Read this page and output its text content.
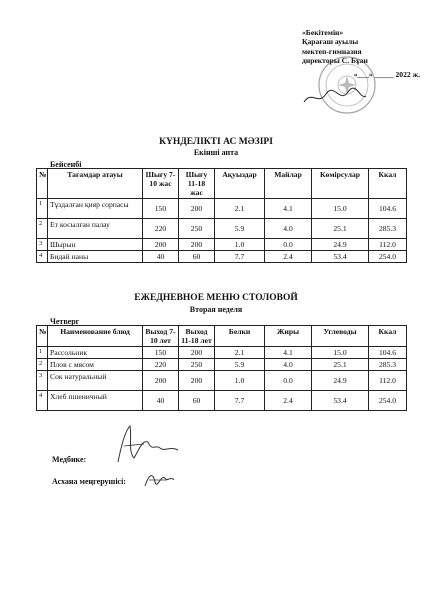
«Бекітемін»
Қарағаш ауылы
мектеп-гимназия
директоры С. Бұан
«___» _____ 2022 ж.
КҮНДЕЛІКТІ АС МӘЗІРІ
Екінші апта
Бейсенбі
№	Тағамдар атауы	Шығу 7-10 жас	Шығу 11-18 жас	Ақуыздар	Майлар	Көмірсулар	Ккал
1	Тұздалған қияр сорпасы	150	200	2.1	4.1	15.0	104.6
2	Ет косылған палау	220	250	5.9	4.0	25.1	285.3
3	Шырын	200	200	1.0	0.0	24.9	112.0
4	Бидай наны	40	60	7.7	2.4	53.4	254.0
ЕЖЕДНЕВНОЕ МЕНЮ СТОЛОВОЙ
Вторая неделя
Четверг
№	Наименование блюд	Выход 7-10 лет	Выход 11-18 лет	Белки	Жиры	Углеводы	Ккал
1	Рассольник	150	200	2.1	4.1	15.0	104.6
2	Плов с мясом	220	250	5.9	4.0	25.1	285.3
3	Сок натуральный	200	200	1.0	0.0	24.9	112.0
4	Хлеб пшеничный	40	60	7.7	2.4	53.4	254.0
Медбике:
Асхана меңгерушісі:
